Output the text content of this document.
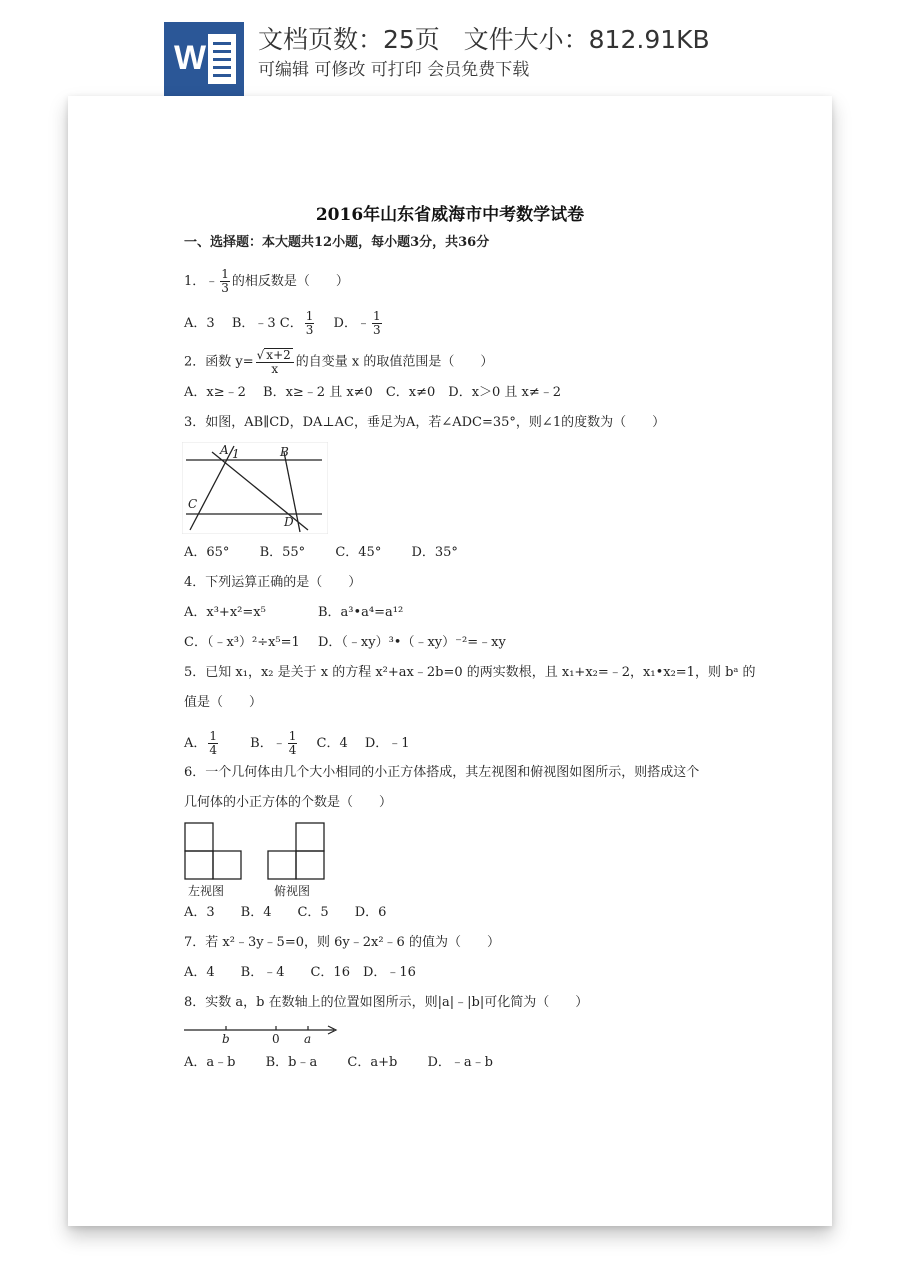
W 文档页数：25页   文件大小：812.91KB
可编辑 可修改 可打印 会员免费下载
2016年山东省威海市中考数学试卷
一、选择题：本大题共12小题，每小题3分，共36分
1．﹣ $\frac{1}{3}$ 的相反数是（　　）
A．3　 B．﹣3 C． $\frac{1}{3}$
　 D．﹣ $\frac{1}{3}$
2．函数 $y= \frac{√ x+2}{x}$ 的自变量 x 的取值范围是（　　）
A．x≥﹣2　 B．x≥﹣2 且 x≠0　C．x≠0　D．x＞0 且 x≠﹣2
3．如图，AB∥CD，DA⊥AC，垂足为A，若∠ADC=35°，则∠1的度数为（　　）
A 1	B
C
D
A．65°　　 B．55°　　 C．45°　　 D．35°
4．下列运算正确的是（　　）
A．x³+x²=x⁵	B．a³•a⁴=a¹²
C．（﹣x³）²÷x⁵=1 D．（﹣xy）³•（﹣xy）⁻²=﹣xy
5．已知 x₁，x₂ 是关于 x 的方程 x²+ax﹣2b=0 的两实数根，且 x₁+x₂=﹣2，x₁•x₂=1，则 bᵃ 的
值是（　　）
A． $\frac{1}{4}$
　　 B．﹣ $\frac{1}{4}$
　 C．4　 D．﹣1
6．一个几何体由几个大小相同的小正方体搭成，其左视图和俯视图如图所示，则搭成这个
几何体的小正方体的个数是（　　）
左视图	俯视图
A．3　　B．4　　C．5　　D．6
7．若 x²﹣3y﹣5=0，则 6y﹣2x²﹣6 的值为（　　）
A．4　　B．﹣4　　C．16　D．﹣16
8．实数 a，b 在数轴上的位置如图所示，则|a|﹣|b|可化简为（　　）
b	0 a
A．a﹣b　　 B．b﹣a　　 C．a+b　　 D．﹣a﹣b
